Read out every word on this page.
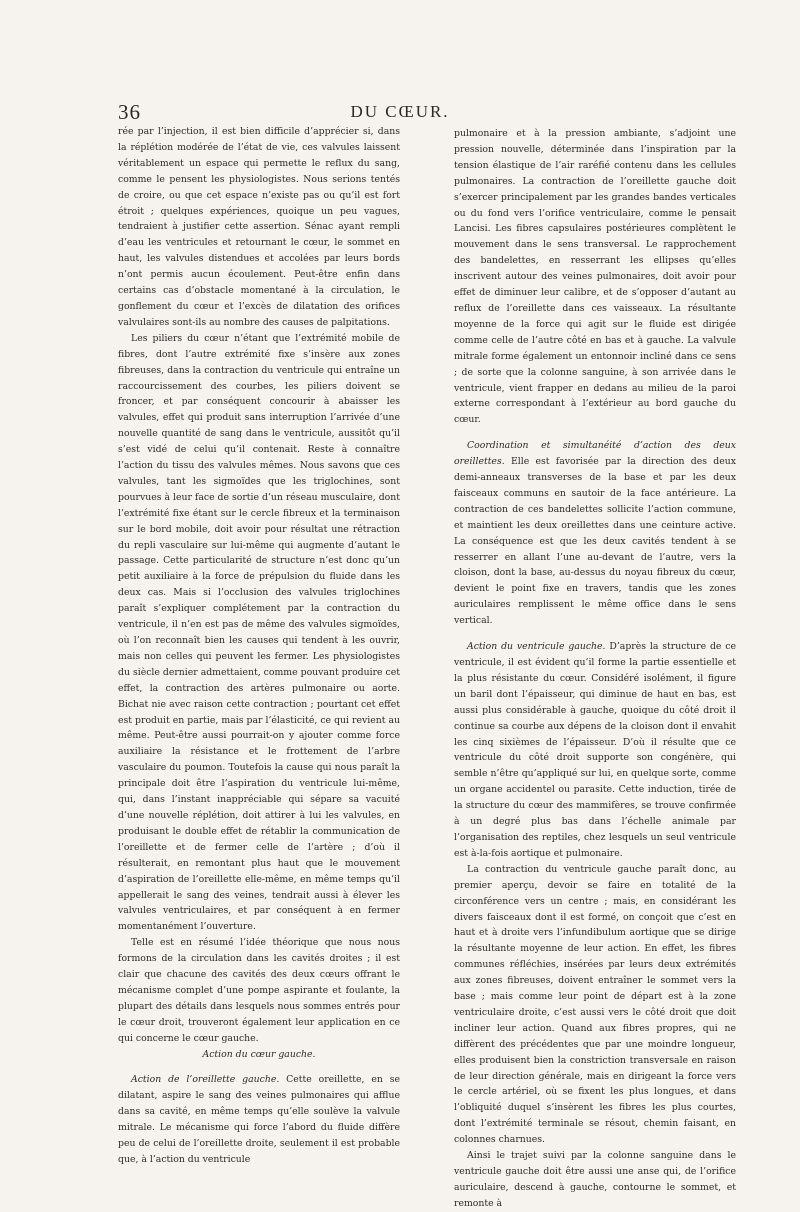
36	DU CŒUR.

rée par l’injection, il est bien difficile d’apprécier si, dans la réplétion modérée de l’état de vie, ces valvules laissent véritablement un espace qui permette le reflux du sang, comme le pensent les physiologistes. Nous serions tentés de croire, ou que cet espace n’existe pas ou qu’il est fort étroit ; quelques expériences, quoique un peu vagues, tendraient à justifier cette assertion. Sénac ayant rempli d’eau les ventricules et retournant le cœur, le sommet en haut, les valvules distendues et accolées par leurs bords n’ont permis aucun écoulement. Peut-être enfin dans certains cas d’obstacle momentané à la circulation, le gonflement du cœur et l’excès de dilatation des orifices valvulaires sont-ils au nombre des causes de palpitations.

Les piliers du cœur n’étant que l’extrémité mobile de fibres, dont l’autre extrémité fixe s’insère aux zones fibreuses, dans la contraction du ventricule qui entraîne un raccourcissement des courbes, les piliers doivent se froncer, et par conséquent concourir à abaisser les valvules, effet qui produit sans interruption l’arrivée d’une nouvelle quantité de sang dans le ventricule, aussitôt qu’il s’est vidé de celui qu’il contenait. Reste à connaître l’action du tissu des valvules mêmes. Nous savons que ces valvules, tant les sigmoïdes que les triglochines, sont pourvues à leur face de sortie d’un réseau musculaire, dont l’extrémité fixe étant sur le cercle fibreux et la terminaison sur le bord mobile, doit avoir pour résultat une rétraction du repli vasculaire sur lui-même qui augmente d’autant le passage. Cette particularité de structure n’est donc qu’un petit auxiliaire à la force de prépulsion du fluide dans les deux cas. Mais si l’occlusion des valvules triglochines paraît s’expliquer complétement par la contraction du ventricule, il n’en est pas de même des valvules sigmoïdes, où l’on reconnaît bien les causes qui tendent à les ouvrir, mais non celles qui peuvent les fermer. Les physiologistes du siècle dernier admettaient, comme pouvant produire cet effet, la contraction des artères pulmonaire ou aorte. Bichat nie avec raison cette contraction ; pourtant cet effet est produit en partie, mais par l’élasticité, ce qui revient au même. Peut-être aussi pourrait-on y ajouter comme force auxiliaire la résistance et le frottement de l’arbre vasculaire du poumon. Toutefois la cause qui nous paraît la principale doit être l’aspiration du ventricule lui-même, qui, dans l’instant inappréciable qui sépare sa vacuité d’une nouvelle réplétion, doit attirer à lui les valvules, en produisant le double effet de rétablir la communication de l’oreillette et de fermer celle de l’artère ; d’où il résulterait, en remontant plus haut que le mouvement d’aspiration de l’oreillette elle-même, en même temps qu’il appellerait le sang des veines, tendrait aussi à élever les valvules ventriculaires, et par conséquent à en fermer momentanément l’ouverture.

Telle est en résumé l’idée théorique que nous nous formons de la circulation dans les cavités droites ; il est clair que chacune des cavités des deux cœurs offrant le mécanisme complet d’une pompe aspirante et foulante, la plupart des détails dans lesquels nous sommes entrés pour le cœur droit, trouveront également leur application en ce qui concerne le cœur gauche.

Action du cœur gauche.

Action de l’oreillette gauche. Cette oreillette, en se dilatant, aspire le sang des veines pulmonaires qui afflue dans sa cavité, en même temps qu’elle soulève la valvule mitrale. Le mécanisme qui force l’abord du fluide diffère peu de celui de l’oreillette droite, seulement il est probable que, à l’action du ventricule

pulmonaire et à la pression ambiante, s’adjoint une pression nouvelle, déterminée dans l’inspiration par la tension élastique de l’air raréfié contenu dans les cellules pulmonaires. La contraction de l’oreillette gauche doit s’exercer principalement par les grandes bandes verticales ou du fond vers l’orifice ventriculaire, comme le pensait Lancisi. Les fibres capsulaires postérieures complètent le mouvement dans le sens transversal. Le rapprochement des bandelettes, en resserrant les ellipses qu’elles inscrivent autour des veines pulmonaires, doit avoir pour effet de diminuer leur calibre, et de s’opposer d’autant au reflux de l’oreillette dans ces vaisseaux. La résultante moyenne de la force qui agit sur le fluide est dirigée comme celle de l’autre côté en bas et à gauche. La valvule mitrale forme également un entonnoir incliné dans ce sens ; de sorte que la colonne sanguine, à son arrivée dans le ventricule, vient frapper en dedans au milieu de la paroi externe correspondant à l’extérieur au bord gauche du cœur.

Coordination et simultanéité d’action des deux oreillettes. Elle est favorisée par la direction des deux demi-anneaux transverses de la base et par les deux faisceaux communs en sautoir de la face antérieure. La contraction de ces bandelettes sollicite l’action commune, et maintient les deux oreillettes dans une ceinture active. La conséquence est que les deux cavités tendent à se resserrer en allant l’une au-devant de l’autre, vers la cloison, dont la base, au-dessus du noyau fibreux du cœur, devient le point fixe en travers, tandis que les zones auriculaires remplissent le même office dans le sens vertical.

Action du ventricule gauche. D’après la structure de ce ventricule, il est évident qu’il forme la partie essentielle et la plus résistante du cœur. Considéré isolément, il figure un baril dont l’épaisseur, qui diminue de haut en bas, est aussi plus considérable à gauche, quoique du côté droit il continue sa courbe aux dépens de la cloison dont il envahit les cinq sixièmes de l’épaisseur. D’où il résulte que ce ventricule du côté droit supporte son congénère, qui semble n’être qu’appliqué sur lui, en quelque sorte, comme un organe accidentel ou parasite. Cette induction, tirée de la structure du cœur des mammifères, se trouve confirmée à un degré plus bas dans l’échelle animale par l’organisation des reptiles, chez lesquels un seul ventricule est à-la-fois aortique et pulmonaire.

La contraction du ventricule gauche paraît donc, au premier aperçu, devoir se faire en totalité de la circonférence vers un centre ; mais, en considérant les divers faisceaux dont il est formé, on conçoit que c’est en haut et à droite vers l’infundibulum aortique que se dirige la résultante moyenne de leur action. En effet, les fibres communes réfléchies, insérées par leurs deux extrémités aux zones fibreuses, doivent entraîner le sommet vers la base ; mais comme leur point de départ est à la zone ventriculaire droite, c’est aussi vers le côté droit que doit incliner leur action. Quand aux fibres propres, qui ne diffèrent des précédentes que par une moindre longueur, elles produisent bien la constriction transversale en raison de leur direction générale, mais en dirigeant la force vers le cercle artériel, où se fixent les plus longues, et dans l’obliquité duquel s’insèrent les fibres les plus courtes, dont l’extrémité terminale se résout, chemin faisant, en colonnes charnues.

Ainsi le trajet suivi par la colonne sanguine dans le ventricule gauche doit être aussi une anse qui, de l’orifice auriculaire, descend à gauche, contourne le sommet, et remonte à
